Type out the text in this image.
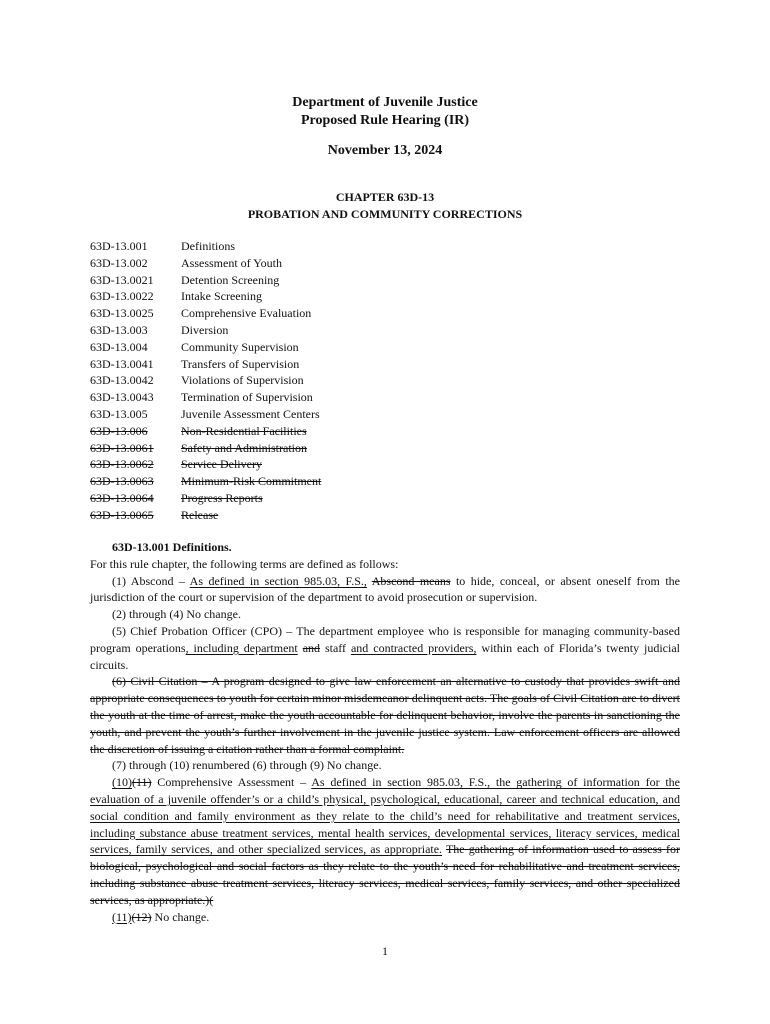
Department of Juvenile Justice
Proposed Rule Hearing (IR)
November 13, 2024
CHAPTER 63D-13
PROBATION AND COMMUNITY CORRECTIONS
63D-13.001	Definitions
63D-13.002	Assessment of Youth
63D-13.0021	Detention Screening
63D-13.0022	Intake Screening
63D-13.0025	Comprehensive Evaluation
63D-13.003	Diversion
63D-13.004	Community Supervision
63D-13.0041	Transfers of Supervision
63D-13.0042	Violations of Supervision
63D-13.0043	Termination of Supervision
63D-13.005	Juvenile Assessment Centers
63D-13.006	Non-Residential Facilities
63D-13.0061	Safety and Administration
63D-13.0062	Service Delivery
63D-13.0063	Minimum-Risk Commitment
63D-13.0064	Progress Reports
63D-13.0065	Release

63D-13.001 Definitions.

For this rule chapter, the following terms are defined as follows:

(1) Abscond – As defined in section 985.03, F.S., Abscond means to hide, conceal, or absent oneself from the jurisdiction of the court or supervision of the department to avoid prosecution or supervision.

(2) through (4) No change.

(5) Chief Probation Officer (CPO) – The department employee who is responsible for managing community-based program operations, including department and staff and contracted providers, within each of Florida’s twenty judicial circuits.

(6) Civil Citation – A program designed to give law enforcement an alternative to custody that provides swift and appropriate consequences to youth for certain minor misdemeanor delinquent acts. The goals of Civil Citation are to divert the youth at the time of arrest, make the youth accountable for delinquent behavior, involve the parents in sanctioning the youth, and prevent the youth’s further involvement in the juvenile justice system. Law enforcement officers are allowed the discretion of issuing a citation rather than a formal complaint.

(7) through (10) renumbered (6) through (9) No change.

(10)(11) Comprehensive Assessment – As defined in section 985.03, F.S., the gathering of information for the evaluation of a juvenile offender’s or a child’s physical, psychological, educational, career and technical education, and social condition and family environment as they relate to the child’s need for rehabilitative and treatment services, including substance abuse treatment services, mental health services, developmental services, literacy services, medical services, family services, and other specialized services, as appropriate. The gathering of information used to assess for biological, psychological and social factors as they relate to the youth’s need for rehabilitative and treatment services, including substance abuse treatment services, literacy services, medical services, family services, and other specialized services, as appropriate.)(

(11)(12) No change.

1
